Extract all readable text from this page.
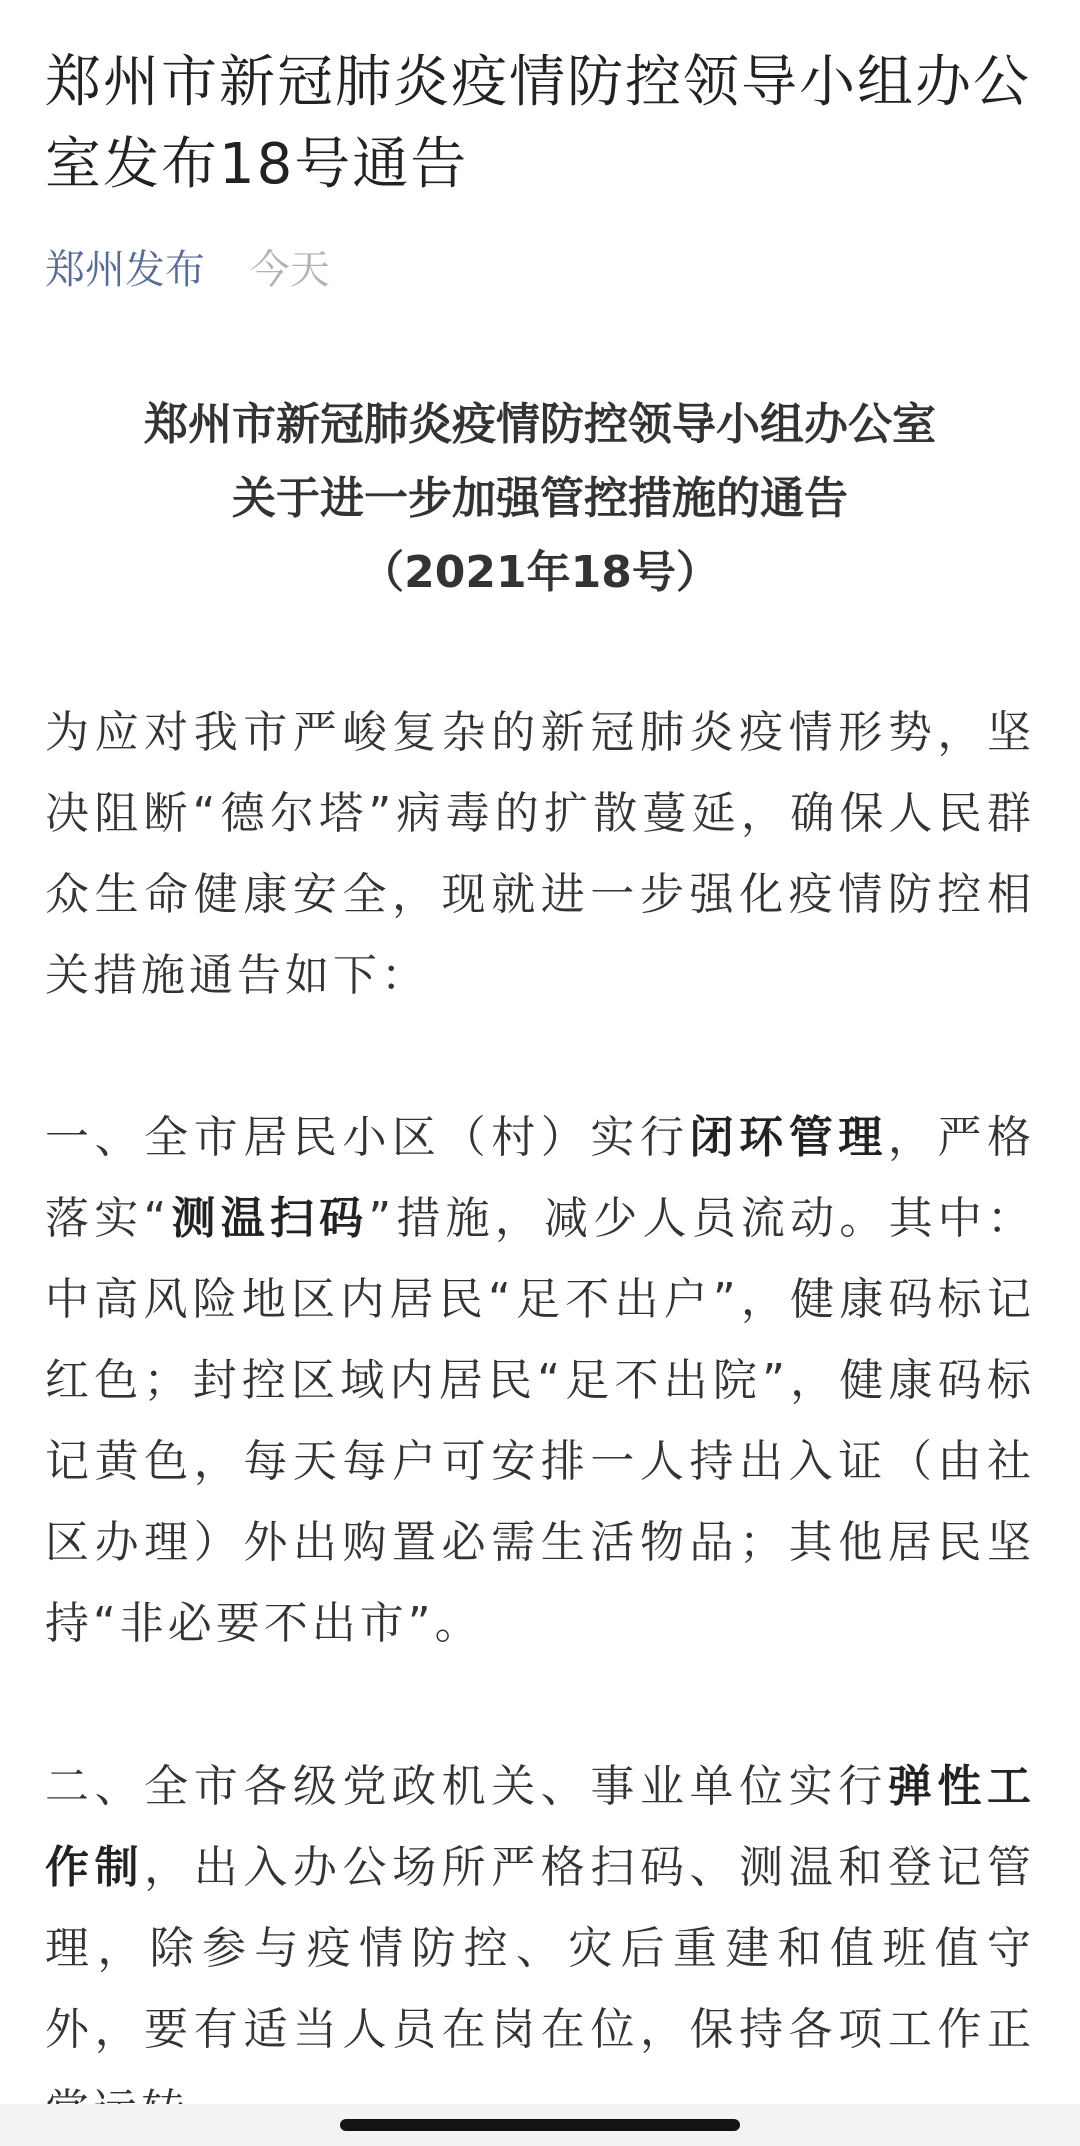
郑州市新冠肺炎疫情防控领导小组办公室发布18号通告
郑州发布 今天
郑州市新冠肺炎疫情防控领导小组办公室
关于进一步加强管控措施的通告
（2021年18号）

为应对我市严峻复杂的新冠肺炎疫情形势，坚决阻断“德尔塔”病毒的扩散蔓延，确保人民群众生命健康安全，现就进一步强化疫情防控相关措施通告如下：

一、全市居民小区（村）实行闭环管理，严格落实“测温扫码”措施，减少人员流动。其中：中高风险地区内居民“足不出户”，健康码标记红色；封控区域内居民“足不出院”，健康码标记黄色，每天每户可安排一人持出入证（由社区办理）外出购置必需生活物品；其他居民坚持“非必要不出市”。

二、全市各级党政机关、事业单位实行弹性工作制，出入办公场所严格扫码、测温和登记管理，除参与疫情防控、灾后重建和值班值守外，要有适当人员在岗在位，保持各项工作正
